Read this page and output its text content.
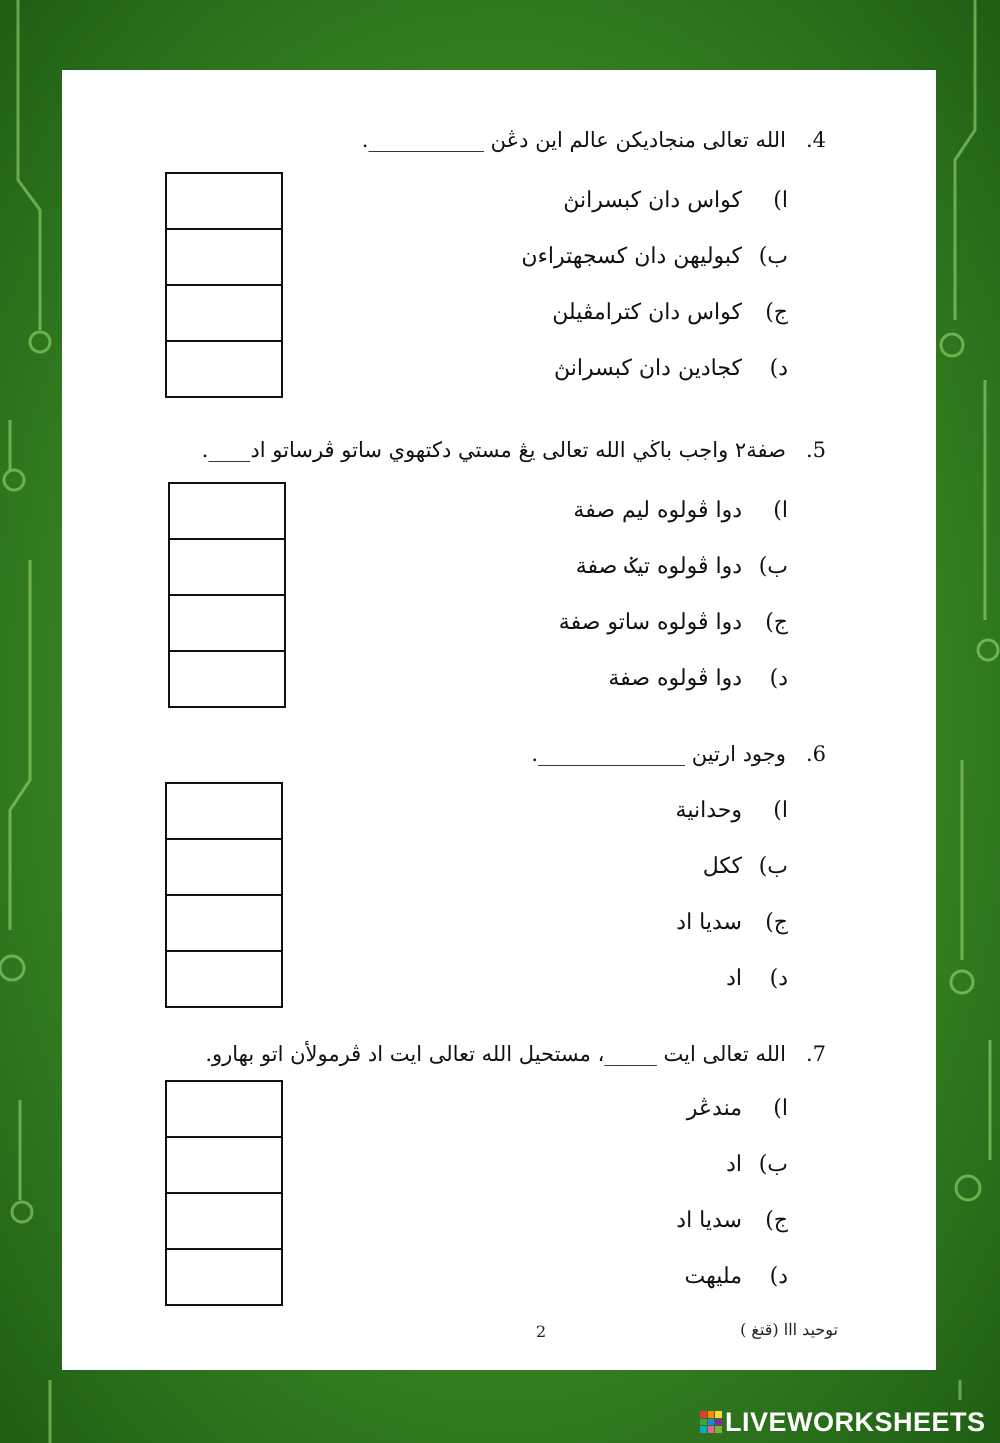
4.   الله تعالى منجاديكن عالم اين دڠن ___________.
ا)
كواس دان كبسرانڽ
ب)
كبوليهن دان كسجهتراءن
ج)
كواس دان كترامڤيلن
د)
كجادين دان كبسرانڽ
5.   صفة٢ واجب باڬي الله تعالى يڠ مستي دكتهوي ساتو ڤرساتو اد____.
ا)
دوا ڤولوه ليم صفة
ب)
دوا ڤولوه تيݢ صفة
ج)
دوا ڤولوه ساتو صفة
د)
دوا ڤولوه صفة
6.   وجود ارتين ______________.
ا)
وحدانية
ب)
ككل
ج)
سديا اد
د)
اد
7.   الله تعالى ايت _____، مستحيل الله تعالى ايت اد ڤرمولأن اتو بهارو.
ا)
مندڠر
ب)
اد
ج)
سديا اد
د)
مليهت
2	توحيد ااا (قتغ )
LIVEWORKSHEETS
